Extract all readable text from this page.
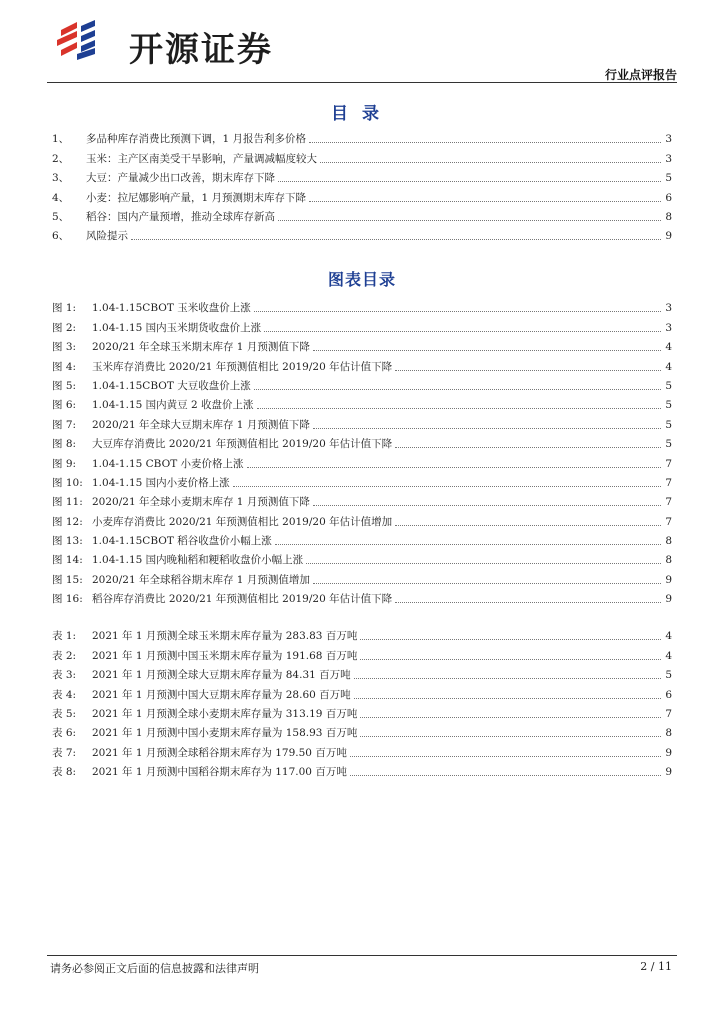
开源证券
行业点评报告
目录
1、	多品种库存消费比预测下调，1 月报告利多价格	3
2、	玉米：主产区南美受干旱影响，产量调减幅度较大	3
3、	大豆：产量减少出口改善，期末库存下降	5
4、	小麦：拉尼娜影响产量，1 月预测期末库存下降	6
5、	稻谷：国内产量预增，推动全球库存新高	8
6、	风险提示	9
图表目录
图 1:	1.04-1.15CBOT 玉米收盘价上涨	3
图 2:	1.04-1.15 国内玉米期货收盘价上涨	3
图 3:	2020/21 年全球玉米期末库存 1 月预测值下降	4
图 4:	玉米库存消费比 2020/21 年预测值相比 2019/20 年估计值下降	4
图 5:	1.04-1.15CBOT 大豆收盘价上涨	5
图 6:	1.04-1.15 国内黄豆 2 收盘价上涨	5
图 7:	2020/21 年全球大豆期末库存 1 月预测值下降	5
图 8:	大豆库存消费比 2020/21 年预测值相比 2019/20 年估计值下降	5
图 9:	1.04-1.15 CBOT 小麦价格上涨	7
图 10: 1.04-1.15 国内小麦价格上涨	7
图 11: 2020/21 年全球小麦期末库存 1 月预测值下降	7
图 12: 小麦库存消费比 2020/21 年预测值相比 2019/20 年估计值增加	7
图 13: 1.04-1.15CBOT 稻谷收盘价小幅上涨	8
图 14: 1.04-1.15 国内晚籼稻和粳稻收盘价小幅上涨	8
图 15: 2020/21 年全球稻谷期末库存 1 月预测值增加	9
图 16: 稻谷库存消费比 2020/21 年预测值相比 2019/20 年估计值下降	9
表 1:	2021 年 1 月预测全球玉米期末库存量为 283.83 百万吨	4
表 2:	2021 年 1 月预测中国玉米期末库存量为 191.68 百万吨	4
表 3:	2021 年 1 月预测全球大豆期末库存量为 84.31 百万吨	5
表 4:	2021 年 1 月预测中国大豆期末库存量为 28.60 百万吨	6
表 5:	2021 年 1 月预测全球小麦期末库存量为 313.19 百万吨	7
表 6:	2021 年 1 月预测中国小麦期末库存量为 158.93 百万吨	8
表 7:	2021 年 1 月预测全球稻谷期末库存为 179.50 百万吨	9
表 8:	2021 年 1 月预测中国稻谷期末库存为 117.00 百万吨	9
请务必参阅正文后面的信息披露和法律声明	2 / 11
